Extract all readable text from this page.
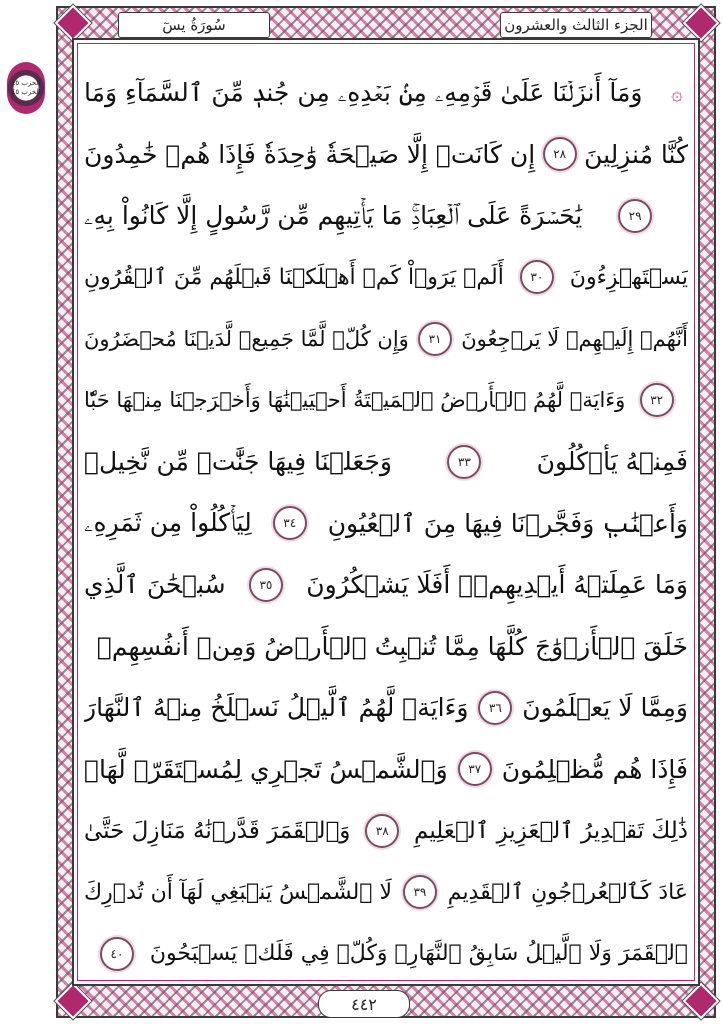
سُورَةُ يسٓ	الجزء الثالث والعشرون
الحزب ٤٥
الحزب ٤٥	۞
وَمَآ أَنزَلۡنَا عَلَىٰ قَوۡمِهِۦ مِنۢ بَعۡدِهِۦ مِن جُندٖ مِّنَ ٱلسَّمَآءِ وَمَا
كُنَّا مُنزِلِينَ
٢٨
إِن كَانَتۡ إِلَّا صَيۡحَةٗ وَٰحِدَةٗ فَإِذَا هُمۡ خَٰمِدُونَ
٢٩
يَٰحَسۡرَةً عَلَى ٱلۡعِبَادِۚ مَا يَأۡتِيهِم مِّن رَّسُولٍ إِلَّا كَانُواْ بِهِۦ
يَسۡتَهۡزِءُونَ
٣٠
أَلَمۡ يَرَوۡاْ كَمۡ أَهۡلَكۡنَا قَبۡلَهُم مِّنَ ٱلۡقُرُونِ
أَنَّهُمۡ إِلَيۡهِمۡ لَا يَرۡجِعُونَ
٣١
وَإِن كُلّٞ لَّمَّا جَمِيعٞ لَّدَيۡنَا مُحۡضَرُونَ
٣٢
وَءَايَةٞ لَّهُمُ ٱلۡأَرۡضُ ٱلۡمَيۡتَةُ أَحۡيَيۡنَٰهَا وَأَخۡرَجۡنَا مِنۡهَا حَبّٗا
فَمِنۡهُ يَأۡكُلُونَ
٣٣
وَجَعَلۡنَا فِيهَا جَنَّٰتٖ مِّن نَّخِيلٖ
وَأَعۡنَٰبٖ وَفَجَّرۡنَا فِيهَا مِنَ ٱلۡعُيُونِ
٣٤
لِيَأۡكُلُواْ مِن ثَمَرِهِۦ
وَمَا عَمِلَتۡهُ أَيۡدِيهِمۡۚ أَفَلَا يَشۡكُرُونَ
٣٥
سُبۡحَٰنَ ٱلَّذِي
خَلَقَ ٱلۡأَزۡوَٰجَ كُلَّهَا مِمَّا تُنۢبِتُ ٱلۡأَرۡضُ وَمِنۡ أَنفُسِهِمۡ
وَمِمَّا لَا يَعۡلَمُونَ
٣٦
وَءَايَةٞ لَّهُمُ ٱلَّيۡلُ نَسۡلَخُ مِنۡهُ ٱلنَّهَارَ
فَإِذَا هُم مُّظۡلِمُونَ
٣٧
وَٱلشَّمۡسُ تَجۡرِي لِمُسۡتَقَرّٖ لَّهَاۚ
ذَٰلِكَ تَقۡدِيرُ ٱلۡعَزِيزِ ٱلۡعَلِيمِ
٣٨
وَٱلۡقَمَرَ قَدَّرۡنَٰهُ مَنَازِلَ حَتَّىٰ
عَادَ كَٱلۡعُرۡجُونِ ٱلۡقَدِيمِ
٣٩
لَا ٱلشَّمۡسُ يَنۢبَغِي لَهَآ أَن تُدۡرِكَ
ٱلۡقَمَرَ وَلَا ٱلَّيۡلُ سَابِقُ ٱلنَّهَارِۚ وَكُلّٞ فِي فَلَكٖ يَسۡبَحُونَ
٤٠
٤٤٢
